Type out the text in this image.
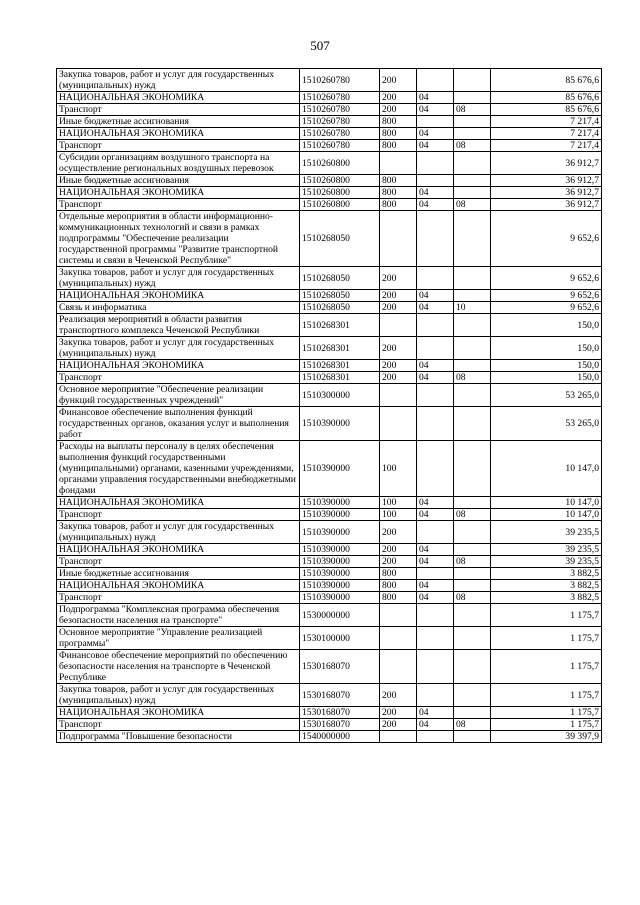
507
Закупка товаров, работ и услуг для государственных (муниципальных) нужд	1510260780	200			85 676,6
НАЦИОНАЛЬНАЯ ЭКОНОМИКА	1510260780	200	04		85 676,6
Транспорт	1510260780	200	04	08	85 676,6
Иные бюджетные ассигнования	1510260780	800			7 217,4
НАЦИОНАЛЬНАЯ ЭКОНОМИКА	1510260780	800	04		7 217,4
Транспорт	1510260780	800	04	08	7 217,4
Субсидии организациям воздушного транспорта на осуществление региональных воздушных перевозок	1510260800				36 912,7
Иные бюджетные ассигнования	1510260800	800			36 912,7
НАЦИОНАЛЬНАЯ ЭКОНОМИКА	1510260800	800	04		36 912,7
Транспорт	1510260800	800	04	08	36 912,7
Отдельные мероприятия в области информационно-коммуникационных технологий и связи в рамках подпрограммы "Обеспечение реализации государственной программы "Развитие транспортной системы и связи в Чеченской Республике"	1510268050				9 652,6
Закупка товаров, работ и услуг для государственных (муниципальных) нужд	1510268050	200			9 652,6
НАЦИОНАЛЬНАЯ ЭКОНОМИКА	1510268050	200	04		9 652,6
Связь и информатика	1510268050	200	04	10	9 652,6
Реализация мероприятий в области развития транспортного комплекса Чеченской Республики	1510268301				150,0
Закупка товаров, работ и услуг для государственных (муниципальных) нужд	1510268301	200			150,0
НАЦИОНАЛЬНАЯ ЭКОНОМИКА	1510268301	200	04		150,0
Транспорт	1510268301	200	04	08	150,0
Основное мероприятие "Обеспечение реализации функций государственных учреждений"	1510300000				53 265,0
Финансовое обеспечение выполнения функций государственных органов, оказания услуг и выполнения работ	1510390000				53 265,0
Расходы на выплаты персоналу в целях обеспечения выполнения функций государственными (муниципальными) органами, казенными учреждениями, органами управления государственными внебюджетными фондами	1510390000	100			10 147,0
НАЦИОНАЛЬНАЯ ЭКОНОМИКА	1510390000	100	04		10 147,0
Транспорт	1510390000	100	04	08	10 147,0
Закупка товаров, работ и услуг для государственных (муниципальных) нужд	1510390000	200			39 235,5
НАЦИОНАЛЬНАЯ ЭКОНОМИКА	1510390000	200	04		39 235,5
Транспорт	1510390000	200	04	08	39 235,5
Иные бюджетные ассигнования	1510390000	800			3 882,5
НАЦИОНАЛЬНАЯ ЭКОНОМИКА	1510390000	800	04		3 882,5
Транспорт	1510390000	800	04	08	3 882,5
Подпрограмма "Комплексная программа обеспечения безопасности населения на транспорте"	1530000000				1 175,7
Основное мероприятие "Управление реализацией программы"	1530100000				1 175,7
Финансовое обеспечение мероприятий по обеспечению безопасности населения на транспорте в Чеченской Республике	1530168070				1 175,7
Закупка товаров, работ и услуг для государственных (муниципальных) нужд	1530168070	200			1 175,7
НАЦИОНАЛЬНАЯ ЭКОНОМИКА	1530168070	200	04		1 175,7
Транспорт	1530168070	200	04	08	1 175,7
Подпрограмма "Повышение безопасности	1540000000				39 397,9
